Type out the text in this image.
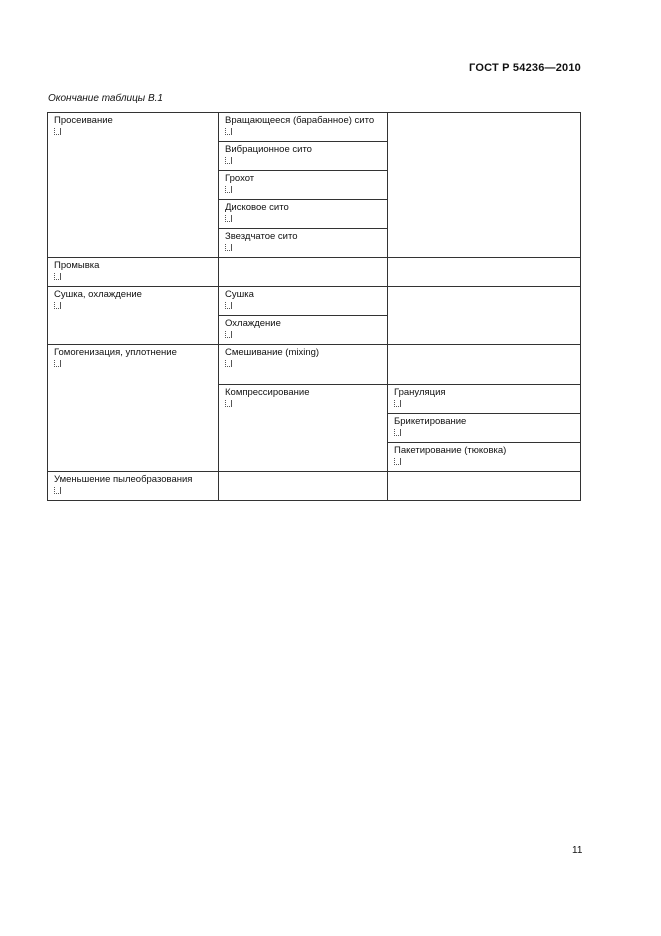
ГОСТ Р 54236—2010
Окончание таблицы В.1
Просеивание	Вращающееся (барабанное) сито	

	Вибрационное сито	

	Грохот	

	Дисковое сито	

	Звездчатое сито	

Промывка		

Сушка, охлаждение	Сушка	

	Охлаждение	

Гомогенизация, уплотнение	Смешивание (mixing)	

	Компрессирование	Грануляция

		Брикетирование

		Пакетирование (тюковка)

Уменьшение пылеобразования		

11
